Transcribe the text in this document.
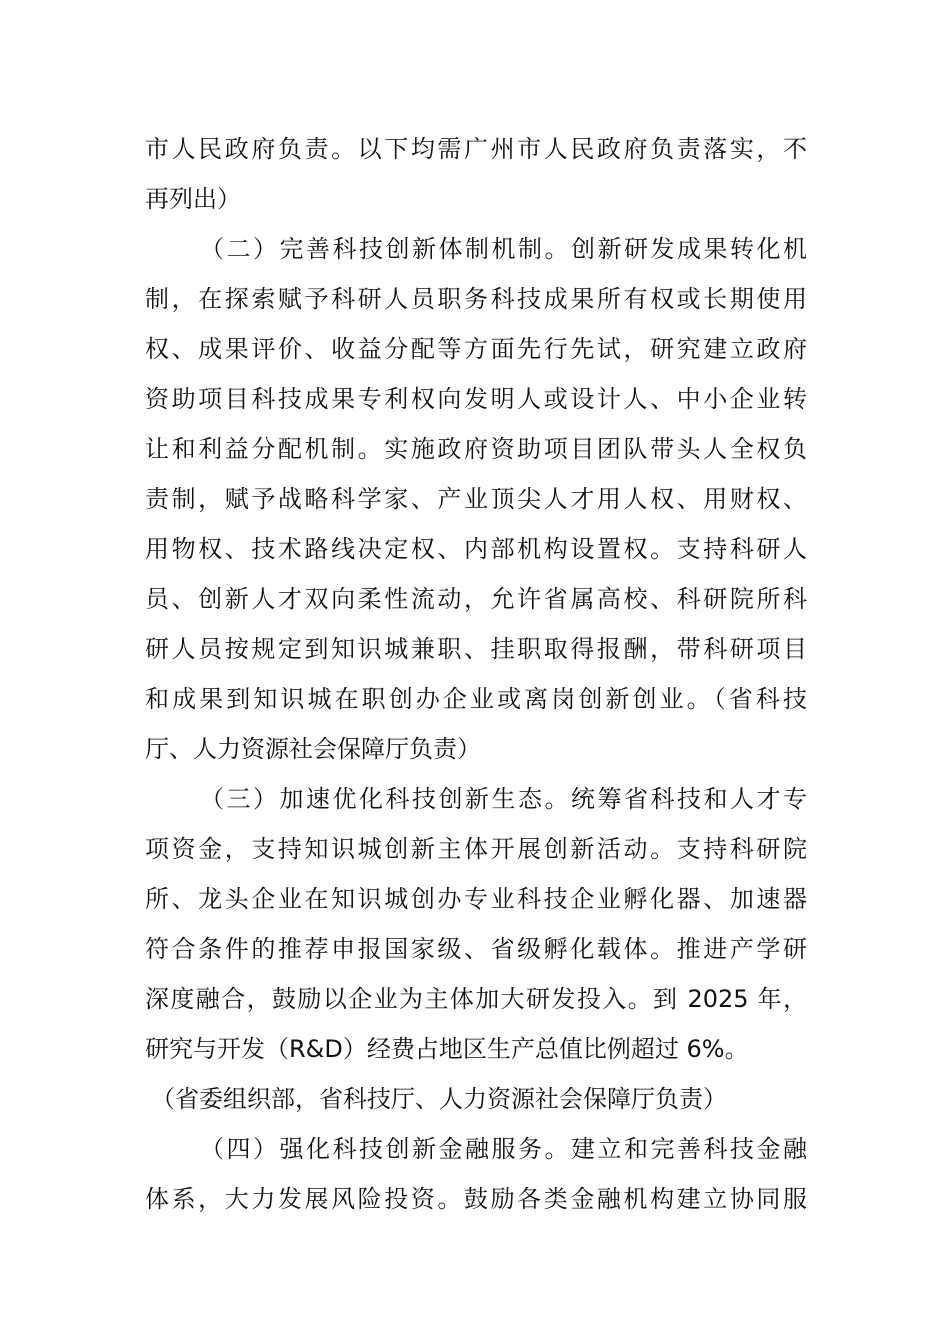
市人民政府负责。以下均需广州市人民政府负责落实，不
再列出）
（二）完善科技创新体制机制。创新研发成果转化机
制，在探索赋予科研人员职务科技成果所有权或长期使用
权、成果评价、收益分配等方面先行先试，研究建立政府
资助项目科技成果专利权向发明人或设计人、中小企业转
让和利益分配机制。实施政府资助项目团队带头人全权负
责制，赋予战略科学家、产业顶尖人才用人权、用财权、
用物权、技术路线决定权、内部机构设置权。支持科研人
员、创新人才双向柔性流动，允许省属高校、科研院所科
研人员按规定到知识城兼职、挂职取得报酬，带科研项目
和成果到知识城在职创办企业或离岗创新创业。（省科技
厅、人力资源社会保障厅负责）
（三）加速优化科技创新生态。统筹省科技和人才专
项资金，支持知识城创新主体开展创新活动。支持科研院
所、龙头企业在知识城创办专业科技企业孵化器、加速器
符合条件的推荐申报国家级、省级孵化载体。推进产学研
深度融合，鼓励以企业为主体加大研发投入。到 2025 年，
研究与开发（R&D）经费占地区生产总值比例超过 6%。
（省委组织部，省科技厅、人力资源社会保障厅负责）
（四）强化科技创新金融服务。建立和完善科技金融
体系，大力发展风险投资。鼓励各类金融机构建立协同服
